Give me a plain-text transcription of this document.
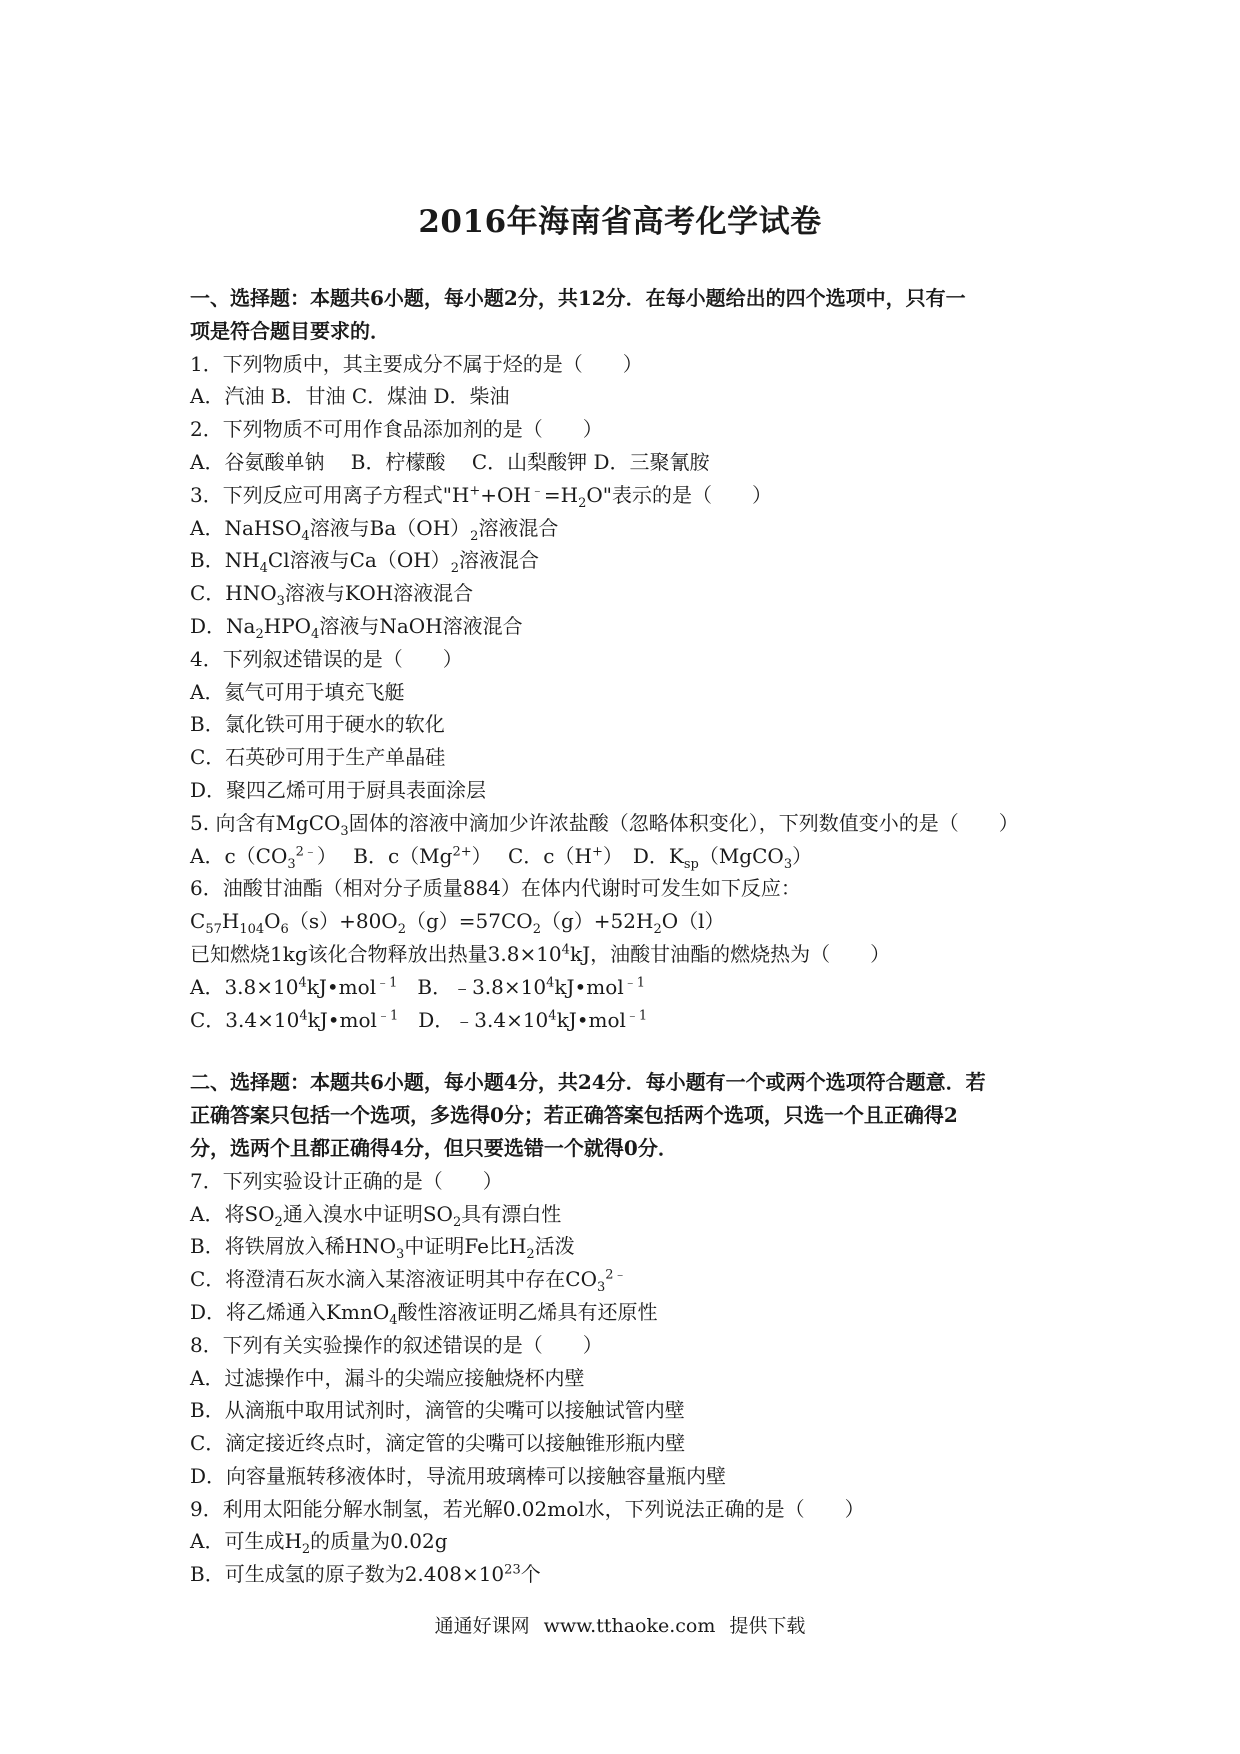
2016年海南省高考化学试卷
一、选择题：本题共6小题，每小题2分，共12分．在每小题给出的四个选项中，只有一
项是符合题目要求的．
1．下列物质中，其主要成分不属于烃的是（　　）
A．汽油 B．甘油 C．煤油 D．柴油
2．下列物质不可用作食品添加剂的是（　　）
A．谷氨酸单钠　 B．柠檬酸　 C．山梨酸钾 D．三聚氰胺
3．下列反应可用离子方程式"$H^++OH^﹣=H_2O$"表示的是（　　）
A．NaHSO$_4$溶液与$Ba(OH)_2$溶液混合
B．$NH_4Cl$溶液与$Ca(OH)_2$溶液混合
C．$HNO_3$溶液与KOH溶液混合
D．$Na_2HPO_4$溶液与NaOH溶液混合
4．下列叙述错误的是（　　）
A．氦气可用于填充飞艇
B．氯化铁可用于硬水的软化
C．石英砂可用于生产单晶硅
D．聚四乙烯可用于厨具表面涂层
5. 向含有MgCO$_3$固体的溶液中滴加少许浓盐酸（忽略体积变化），下列数值变小的是（　　）
A．$c(CO_3^{2﹣})$　 B．$c(Mg^{2+})$　 C．c（H+）　D．$K_{sp}(MgCO_3)$
6．油酸甘油酯（相对分子质量884）在体内代谢时可发生如下反应：
$C_{57}H_{104}O_6(s)+80O_2(g)=57CO_2(g)+52H_2O(l)$
已知燃烧1kg该化合物释放出热量$3.8\times 10^4kJ$，油酸甘油酯的燃烧热为（　　）
A．$3.8\times 10^4kJ•mol^{﹣1}$　B．$﹣3.8\times 10^4kJ•mol^{﹣1}$
C．$3.4\times 10^4kJ•mol^{﹣1}$　D．$﹣3.4\times 10^4kJ•mol^{﹣1}$
二、选择题：本题共6小题，每小题4分，共24分．每小题有一个或两个选项符合题意．若
正确答案只包括一个选项，多选得0分；若正确答案包括两个选项，只选一个且正确得2
分，选两个且都正确得4分，但只要选错一个就得0分．
7．下列实验设计正确的是（　　）
A．将$SO_2$通入溴水中证明$SO_2$具有漂白性
B．将铁屑放入稀$HNO_3$中证明Fe比$H_2$活泼
C．将澄清石灰水滴入某溶液证明其中存在$CO_3^{2﹣}$
D．将乙烯通入KmnO$_4$酸性溶液证明乙烯具有还原性
8．下列有关实验操作的叙述错误的是（　　）
A．过滤操作中，漏斗的尖端应接触烧杯内壁
B．从滴瓶中取用试剂时，滴管的尖嘴可以接触试管内壁
C．滴定接近终点时，滴定管的尖嘴可以接触锥形瓶内壁
D．向容量瓶转移液体时，导流用玻璃棒可以接触容量瓶内壁
9．利用太阳能分解水制氢，若光解0.02mol水，下列说法正确的是（　　）
A．可生成$H_2$的质量为0.02g
B．可生成氢的原子数为$2.408\times 10^{23}$个
通通好课网 www.tthaoke.com 提供下载
